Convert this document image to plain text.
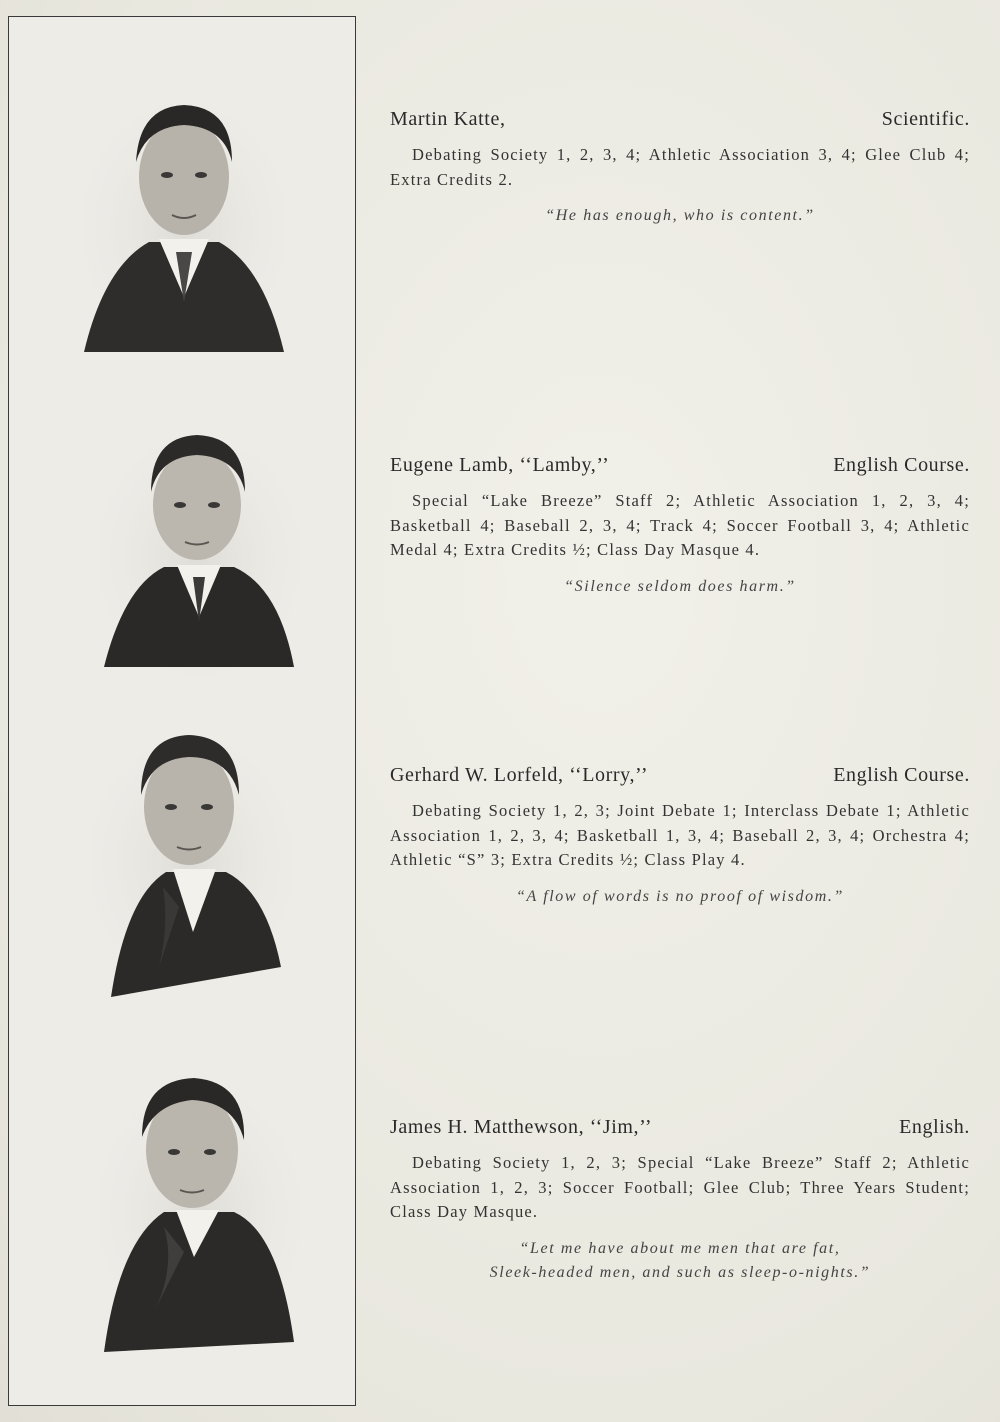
Martin Katte,	Scientific.

Debating Society 1, 2, 3, 4; Athletic Association 3, 4; Glee Club 4; Extra Credits 2.

“He has enough, who is content.”
Eugene Lamb, ‘‘Lamby,’’	English Course.

Special “Lake Breeze” Staff 2; Athletic Association 1, 2, 3, 4; Basketball 4; Baseball 2, 3, 4; Track 4; Soccer Football 3, 4; Athletic Medal 4; Extra Credits ½; Class Day Masque 4.

“Silence seldom does harm.”
Gerhard W. Lorfeld, ‘‘Lorry,’’	English Course.

Debating Society 1, 2, 3; Joint Debate 1; Interclass Debate 1; Athletic Association 1, 2, 3, 4; Basketball 1, 3, 4; Baseball 2, 3, 4; Orchestra 4; Athletic “S” 3; Extra Credits ½; Class Play 4.

“A flow of words is no proof of wisdom.”
James H. Matthewson, ‘‘Jim,’’	English.

Debating Society 1, 2, 3; Special “Lake Breeze” Staff 2; Athletic Association 1, 2, 3; Soccer Football; Glee Club; Three Years Student; Class Day Masque.

“Let me have about me men that are fat,
Sleek-headed men, and such as sleep-o-nights.”
